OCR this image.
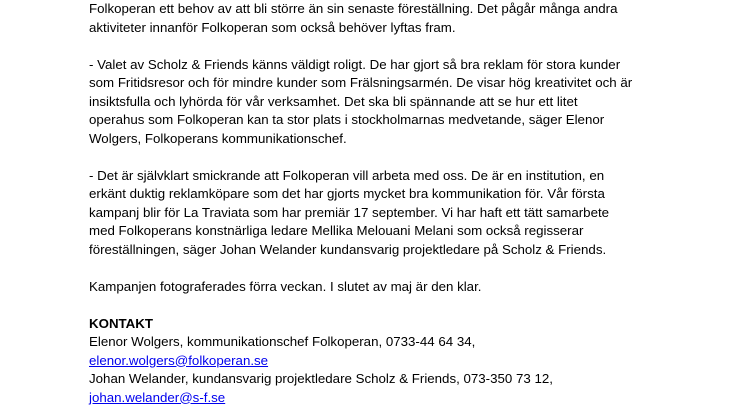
Folkoperan ett behov av att bli större än sin senaste föreställning. Det pågår många andra

aktiviteter innanför Folkoperan som också behöver lyftas fram.

- Valet av Scholz & Friends känns väldigt roligt. De har gjort så bra reklam för stora kunder

som Fritidsresor och för mindre kunder som Frälsningsarmén. De visar hög kreativitet och är

insiktsfulla och lyhörda för vår verksamhet. Det ska bli spännande att se hur ett litet

operahus som Folkoperan kan ta stor plats i stockholmarnas medvetande, säger Elenor

Wolgers, Folkoperans kommunikationschef.

- Det är självklart smickrande att Folkoperan vill arbeta med oss. De är en institution, en

erkänt duktig reklamköpare som det har gjorts mycket bra kommunikation för. Vår första

kampanj blir för La Traviata som har premiär 17 september. Vi har haft ett tätt samarbete

med Folkoperans konstnärliga ledare Mellika Melouani Melani som också regisserar

föreställningen, säger Johan Welander kundansvarig projektledare på Scholz & Friends.

Kampanjen fotograferades förra veckan. I slutet av maj är den klar.

KONTAKT

Elenor Wolgers, kommunikationschef Folkoperan, 0733-44 64 34,

elenor.wolgers@folkoperan.se

Johan Welander, kundansvarig projektledare Scholz & Friends, 073-350 73 12,

johan.welander@s-f.se
